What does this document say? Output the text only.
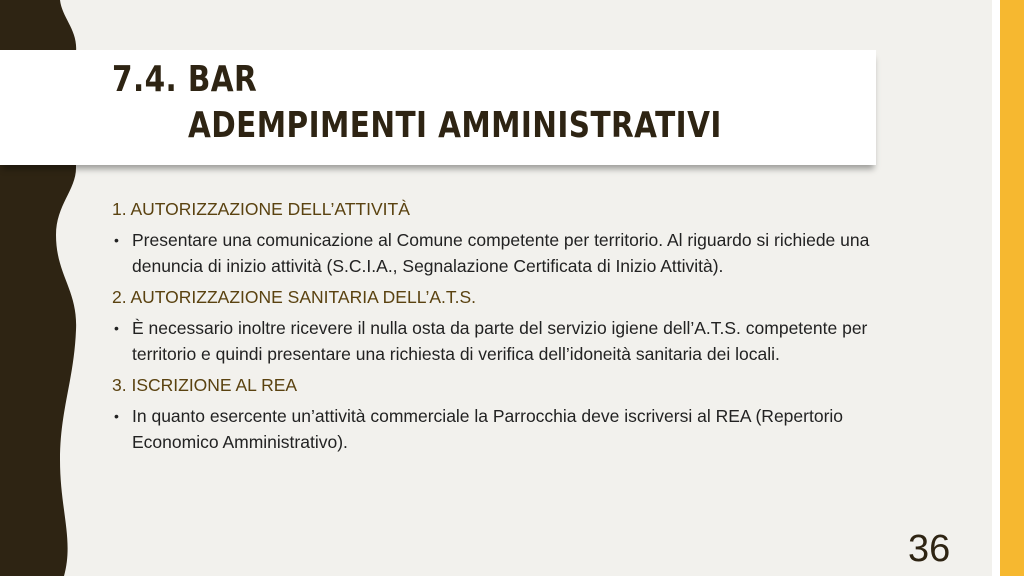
7.4. BAR
ADEMPIMENTI AMMINISTRATIVI

1. AUTORIZZAZIONE DELL’ATTIVITÀ

• Presentare una comunicazione al Comune competente per territorio. Al riguardo si richiede una denuncia di inizio attività (S.C.I.A., Segnalazione Certificata di Inizio Attività).

2. AUTORIZZAZIONE SANITARIA DELL’A.T.S.

• È necessario inoltre ricevere il nulla osta da parte del servizio igiene dell’A.T.S. competente per territorio e quindi presentare una richiesta di verifica dell’idoneità sanitaria dei locali.

3. ISCRIZIONE AL REA

• In quanto esercente un’attività commerciale la Parrocchia deve iscriversi al REA (Repertorio Economico Amministrativo).

36
